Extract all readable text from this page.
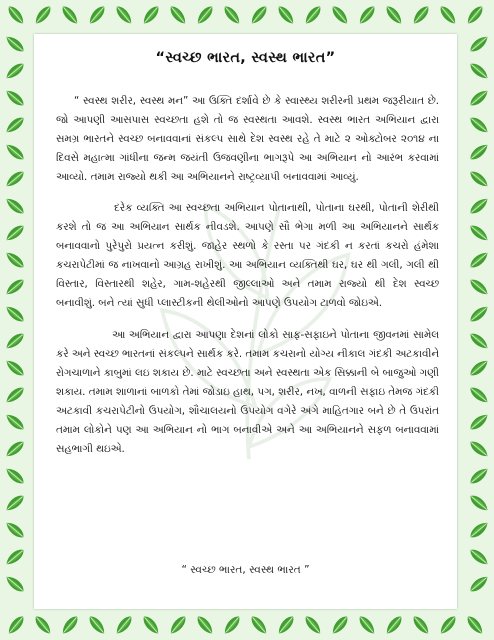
“સ્વચ્છ ભારત, સ્વસ્થ ભારત”

“ સ્વસ્થ શરીર, સ્વસ્થ મન” આ ઉક્તિ દર્શાવે છે કે સ્વાસ્થ્ય શરીરની પ્રથમ જરૂરીયાત છે. જો આપણી આસપાસ સ્વચ્છતા હશે તો જ સ્વસ્થતા આવશે. સ્વસ્થ ભારત અભિયાન દ્વારા સમગ્ર ભારતને સ્વચ્છ બનાવવાનાં સંકલ્પ સાથે દેશ સ્વસ્થ રહે તે માટે ૨ ઓક્ટોબર ૨૦૧૪ ના દિવસે મહાત્મા ગાંધીના જન્મ જયંતી ઉજવણીના ભાગરૂપે આ અભિયાન નો આરંભ કરવામાં આવ્યો. તમામ રાજ્યો થકી આ અભિયાનને રાષ્ટ્રવ્યાપી બનાવવામાં આવ્યું.

દરેક વ્યક્તિ આ સ્વચ્છતા અભિયાન પોતાનાથી, પોતાના ઘરથી, પોતાની શેરીથી કરશે તો જ આ અભિયાન સાર્થક નીવડશે. આપણે સૌ ભેગા મળી આ અભિયાનને સાર્થક બનાવવાનો પુરેપુરો પ્રયત્ન કરીશું. જાહેર સ્થળો કે રસ્તા પર ગંદકી ન કરતાં કચરો હંમેશા કચરાપેટીમાં જ નાખવાનો આગ્રહ રાખીશું. આ અભિયાન વ્યક્તિથી ઘર, ઘર થી ગલી, ગલી થી વિસ્તાર, વિસ્તારથી શહેર, ગામ-શહેરથી જીલ્લાઓ અને તમામ રાજ્યો થી દેશ સ્વચ્છ બનાવીશું. બને ત્યાં સુધી પ્લાસ્ટીકની થેલીઓનો આપણે ઉપયોગ ટાળવો જોઇએ.

આ અભિયાન દ્વારા આપણા દેશનાં લોકો સાફ-સફાઇને પોતાના જીવનમાં સામેલ કરે અને સ્વચ્છ ભારતનાં સંકલ્પને સાર્થક કરે. તમામ કચરાનો યોગ્ય નીકાલ ગંદકી અટકાવીને રોગચાળાને કાબુમાં લઇ શકાય છે. માટે સ્વચ્છતા અને સ્વસ્થતા એક સિક્કાની બે બાજુઓ ગણી શકાય. તમામ શાળાનાં બાળકો તેમાં જોડાઇ હાથ, પગ, શરીર, નખ, વાળની સફાઇ તેમજ ગંદકી અટકાવી કચરાપેટીનો ઉપયોગ, શૌચાલયનો ઉપયોગ વગેરે અંગે માહિતગાર બને છે તે ઉપરાંત તમામ લોકોને પણ આ અભિયાન નો ભાગ બનાવીએ અને આ અભિયાનને સફળ બનાવવામાં સહભાગી થઇએ.

“ સ્વચ્છ ભારત, સ્વસ્થ ભારત ”
